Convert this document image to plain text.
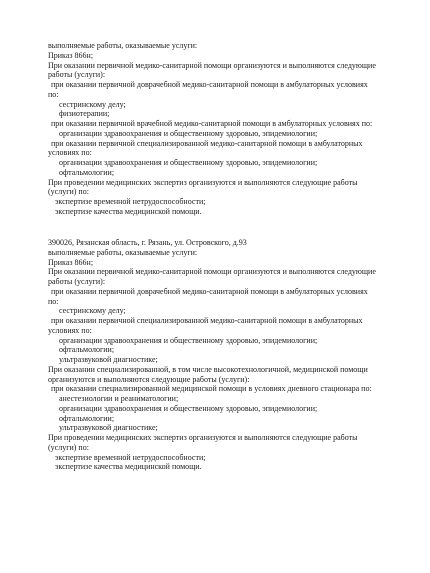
выполняемые работы, оказываемые услуги:
Приказ 866н;
При оказании первичной медико-санитарной помощи организуются и выполняются следующие
работы (услуги):
при оказании первичной доврачебной медико-санитарной помощи в амбулаторных условиях
по:
сестринскому делу;
физиотерапии;
при оказании первичной врачебной медико-санитарной помощи в амбулаторных условиях по:
организации здравоохранения и общественному здоровью, эпидемиологии;
при оказании первичной специализированной медико-санитарной помощи в амбулаторных
условиях по:
организации здравоохранения и общественному здоровью, эпидемиологии;
офтальмологии;
При проведении медицинских экспертиз организуются и выполняются следующие работы
(услуги) по:
экспертизе временной нетрудоспособности;
экспертизе качества медицинской помощи.
390026, Рязанская область, г. Рязань, ул. Островского, д.93
выполняемые работы, оказываемые услуги:
Приказ 866н;
При оказании первичной медико-санитарной помощи организуются и выполняются следующие
работы (услуги):
при оказании первичной доврачебной медико-санитарной помощи в амбулаторных условиях
по:
сестринскому делу;
при оказании первичной специализированной медико-санитарной помощи в амбулаторных
условиях по:
организации здравоохранения и общественному здоровью, эпидемиологии;
офтальмологии;
ультразвуковой диагностике;
При оказании специализированной, в том числе высокотехнологичной, медицинской помощи
организуются и выполняются следующие работы (услуги):
при оказании специализированной медицинской помощи в условиях дневного стационара по:
анестезиологии и реаниматологии;
организации здравоохранения и общественному здоровью, эпидемиологии;
офтальмологии;
ультразвуковой диагностике;
При проведении медицинских экспертиз организуются и выполняются следующие работы
(услуги) по:
экспертизе временной нетрудоспособности;
экспертизе качества медицинской помощи.
